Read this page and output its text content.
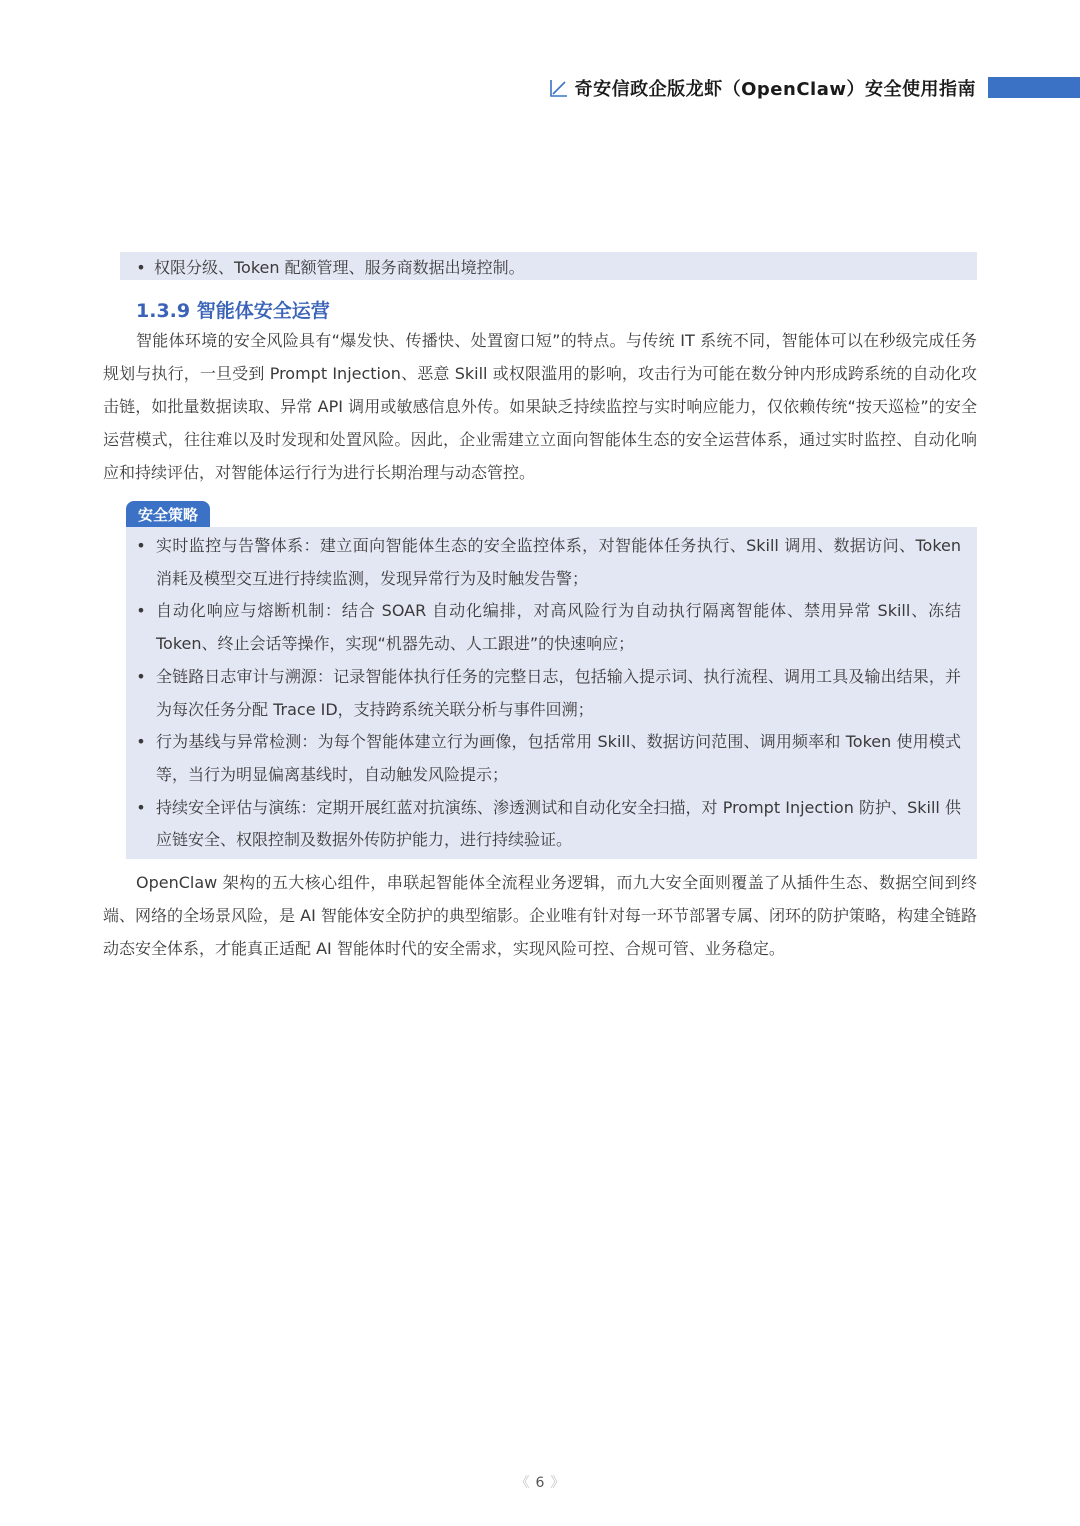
奇安信政企版龙虾（OpenClaw）安全使用指南
• 权限分级、Token 配额管理、服务商数据出境控制。
1.3.9 智能体安全运营

智能体环境的安全风险具有“爆发快、传播快、处置窗口短”的特点。与传统 IT 系统不同，智能体可以在秒级完成任务规划与执行，一旦受到 Prompt Injection、恶意 Skill 或权限滥用的影响，攻击行为可能在数分钟内形成跨系统的自动化攻击链，如批量数据读取、异常 API 调用或敏感信息外传。如果缺乏持续监控与实时响应能力，仅依赖传统“按天巡检”的安全运营模式，往往难以及时发现和处置风险。因此，企业需建立立面向智能体生态的安全运营体系，通过实时监控、自动化响应和持续评估，对智能体运行行为进行长期治理与动态管控。

安全策略
• 实时监控与告警体系：建立面向智能体生态的安全监控体系，对智能体任务执行、Skill 调用、数据访问、Token 消耗及模型交互进行持续监测，发现异常行为及时触发告警；
• 自动化响应与熔断机制：结合 SOAR 自动化编排，对高风险行为自动执行隔离智能体、禁用异常 Skill、冻结 Token、终止会话等操作，实现“机器先动、人工跟进”的快速响应；
• 全链路日志审计与溯源：记录智能体执行任务的完整日志，包括输入提示词、执行流程、调用工具及输出结果，并为每次任务分配 Trace ID，支持跨系统关联分析与事件回溯；
• 行为基线与异常检测：为每个智能体建立行为画像，包括常用 Skill、数据访问范围、调用频率和 Token 使用模式等，当行为明显偏离基线时，自动触发风险提示；
• 持续安全评估与演练：定期开展红蓝对抗演练、渗透测试和自动化安全扫描，对 Prompt Injection 防护、Skill 供应链安全、权限控制及数据外传防护能力，进行持续验证。

OpenClaw 架构的五大核心组件，串联起智能体全流程业务逻辑，而九大安全面则覆盖了从插件生态、数据空间到终端、网络的全场景风险，是 AI 智能体安全防护的典型缩影。企业唯有针对每一环节部署专属、闭环的防护策略，构建全链路动态安全体系，才能真正适配 AI 智能体时代的安全需求，实现风险可控、合规可管、业务稳定。

《 6 》
